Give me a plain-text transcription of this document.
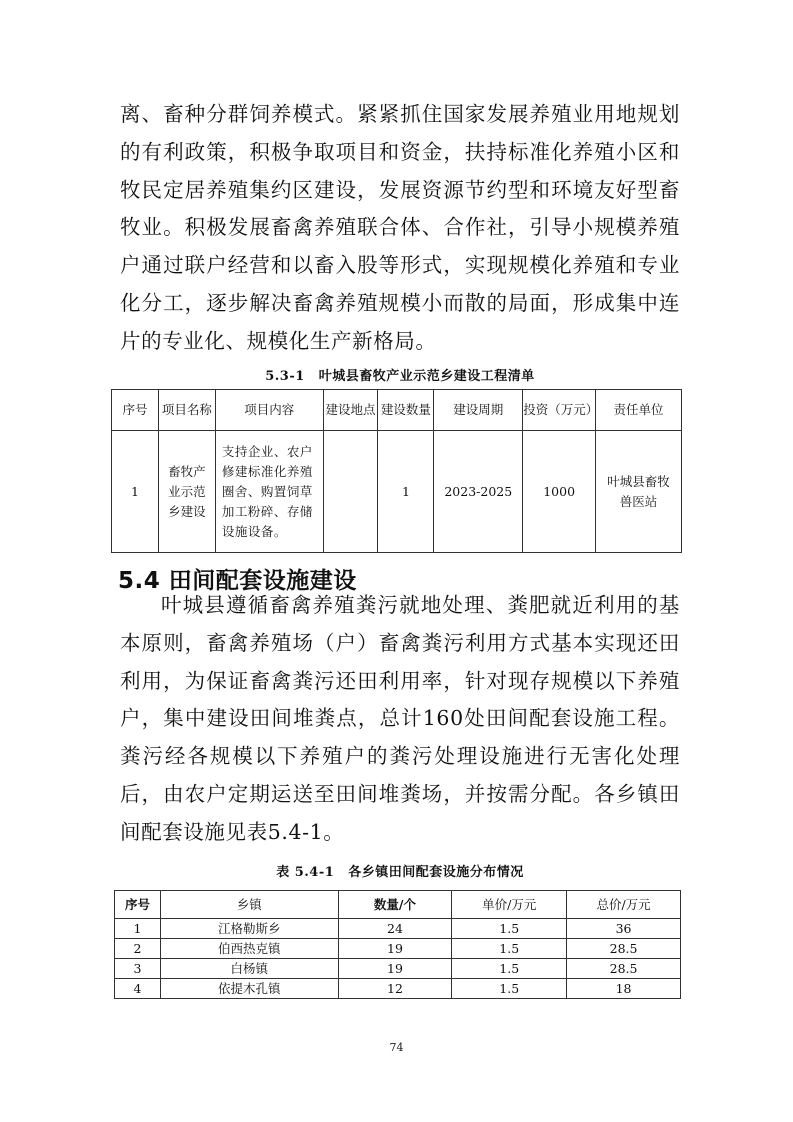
离、畜种分群饲养模式。紧紧抓住国家发展养殖业用地规划的有利政策，积极争取项目和资金，扶持标准化养殖小区和牧民定居养殖集约区建设，发展资源节约型和环境友好型畜牧业。积极发展畜禽养殖联合体、合作社，引导小规模养殖户通过联户经营和以畜入股等形式，实现规模化养殖和专业化分工，逐步解决畜禽养殖规模小而散的局面，形成集中连片的专业化、规模化生产新格局。

5.3-1 叶城县畜牧产业示范乡建设工程清单

序号	项目名称	项目内容	建设地点	建设数量	建设周期	投资（万元）	责任单位
1	畜牧产业示范乡建设	支持企业、农户修建标准化养殖圈舍、购置饲草加工粉碎、存储设施设备。		1	2023-2025	1000	叶城县畜牧兽医站
5.4 田间配套设施建设

叶城县遵循畜禽养殖粪污就地处理、粪肥就近利用的基本原则，畜禽养殖场（户）畜禽粪污利用方式基本实现还田利用，为保证畜禽粪污还田利用率，针对现存规模以下养殖户，集中建设田间堆粪点，总计160处田间配套设施工程。粪污经各规模以下养殖户的粪污处理设施进行无害化处理后，由农户定期运送至田间堆粪场，并按需分配。各乡镇田间配套设施见表5.4-1。

表 5.4-1 各乡镇田间配套设施分布情况

序号	乡镇	数量/个	单价/万元	总价/万元
1	江格勒斯乡	24	1.5	36
2	伯西热克镇	19	1.5	28.5
3	白杨镇	19	1.5	28.5
4	依提木孔镇	12	1.5	18
74
